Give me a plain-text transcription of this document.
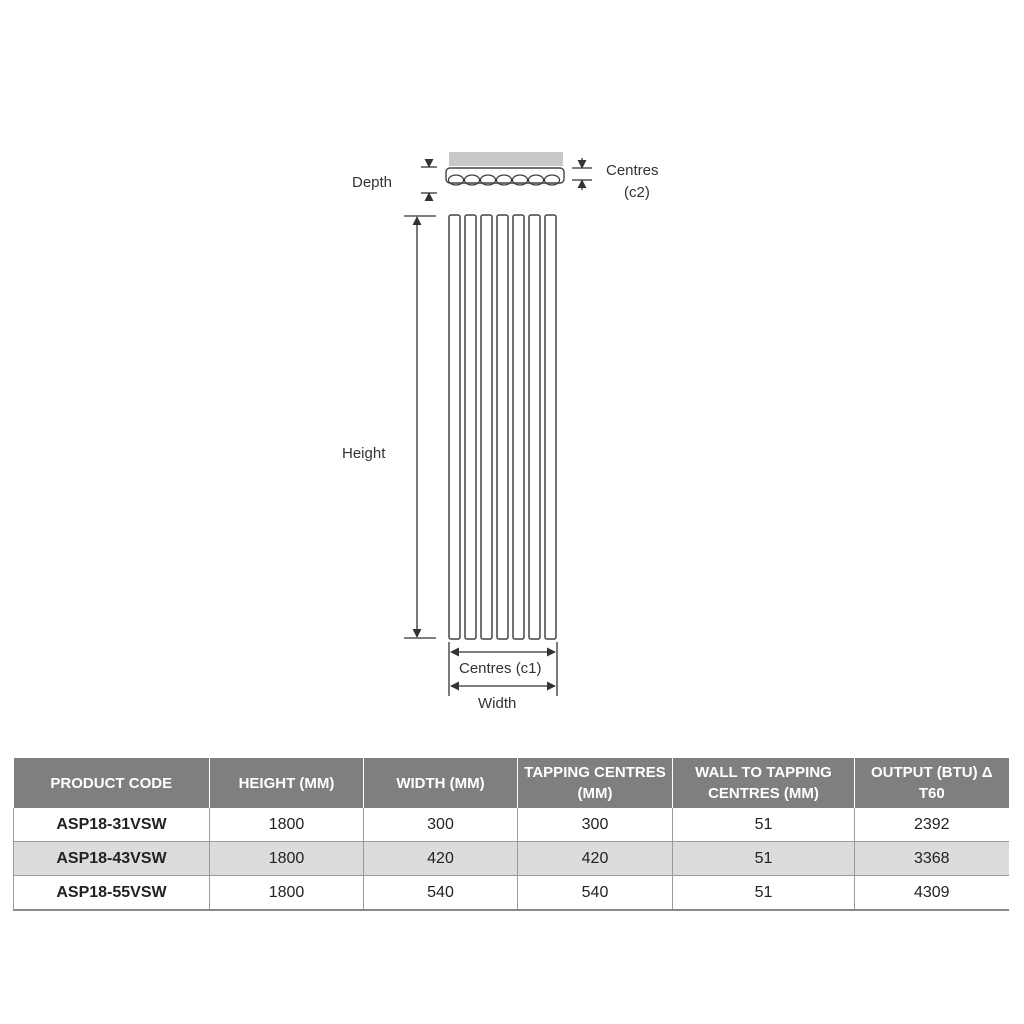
Depth
Centres
(c2)
Height
Centres (c1)
Width
PRODUCT CODE	HEIGHT (MM)	WIDTH (MM)	TAPPING CENTRES (MM)	WALL TO TAPPING CENTRES (MM)	OUTPUT (BTU) Δ T60
ASP18-31VSW	1800	300	300	51	2392
ASP18-43VSW	1800	420	420	51	3368
ASP18-55VSW	1800	540	540	51	4309
